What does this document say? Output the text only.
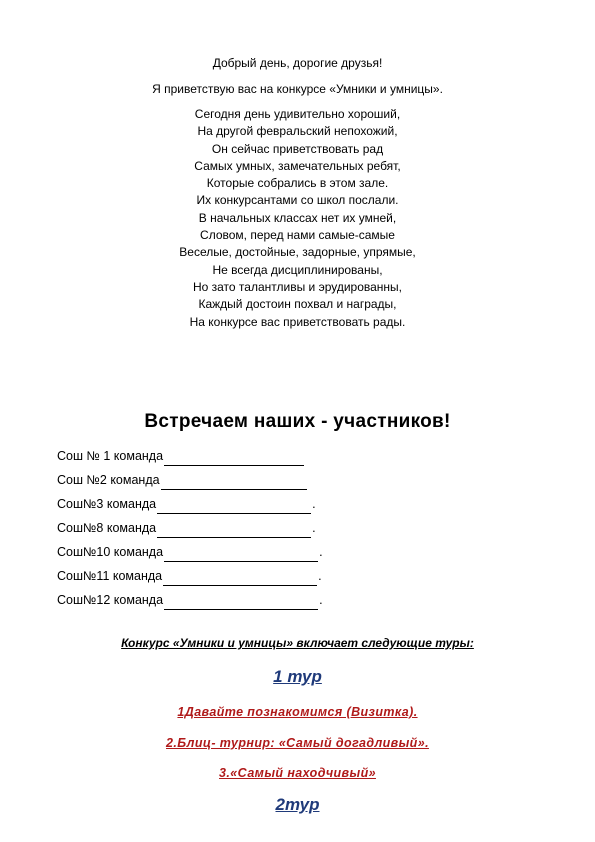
Добрый день, дорогие друзья!
Я приветствую вас на конкурсе «Умники и умницы».
Сегодня день удивительно хороший,
На другой февральский непохожий,
Он сейчас приветствовать рад
Самых умных, замечательных ребят,
Которые собрались в этом зале.
Их конкурсантами со школ послали.
В начальных классах нет их умней,
Словом, перед нами самые-самые
Веселые, достойные, задорные, упрямые,
Не всегда дисциплинированы,
Но зато талантливы и эрудированны,
Каждый достоин похвал и награды,
На конкурсе вас приветствовать рады.
Встречаем наших - участников!
Сош № 1 команда
Сош №2 команда
Сош№3 команда	.
Сош№8 команда	.
Сош№10 команда	.
Сош№11 команда	.
Сош№12 команда	.
Конкурс «Умники и умницы» включает следующие туры:
1 тур
1Давайте познакомимся (Визитка).
2.Блиц- турнир: «Самый догадливый».
3.«Самый находчивый»
2тур
